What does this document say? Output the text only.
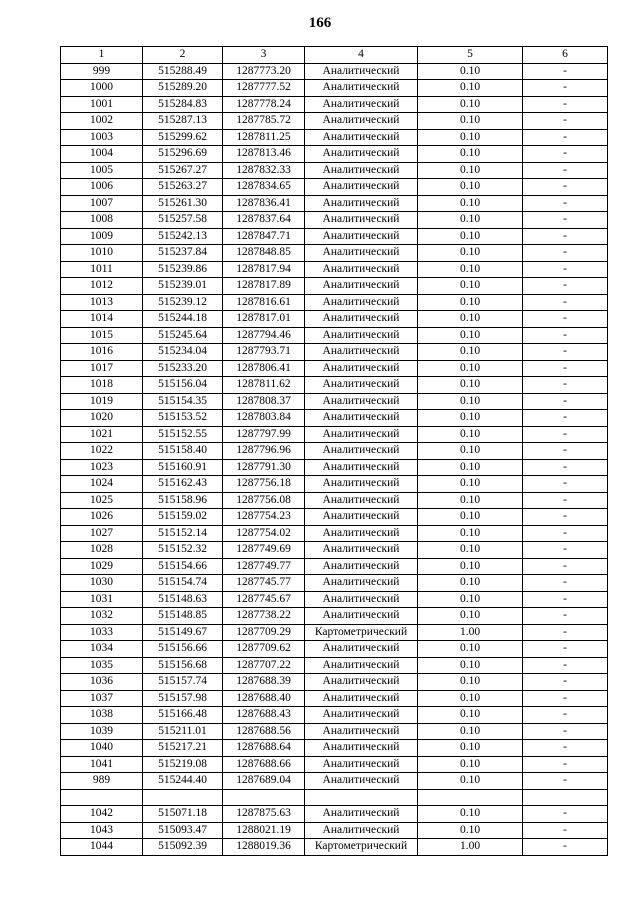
166
1	2	3	4	5	6
999	515288.49	1287773.20	Аналитический	0.10	-
1000	515289.20	1287777.52	Аналитический	0.10	-
1001	515284.83	1287778.24	Аналитический	0.10	-
1002	515287.13	1287785.72	Аналитический	0.10	-
1003	515299.62	1287811.25	Аналитический	0.10	-
1004	515296.69	1287813.46	Аналитический	0.10	-
1005	515267.27	1287832.33	Аналитический	0.10	-
1006	515263.27	1287834.65	Аналитический	0.10	-
1007	515261.30	1287836.41	Аналитический	0.10	-
1008	515257.58	1287837.64	Аналитический	0.10	-
1009	515242.13	1287847.71	Аналитический	0.10	-
1010	515237.84	1287848.85	Аналитический	0.10	-
1011	515239.86	1287817.94	Аналитический	0.10	-
1012	515239.01	1287817.89	Аналитический	0.10	-
1013	515239.12	1287816.61	Аналитический	0.10	-
1014	515244.18	1287817.01	Аналитический	0.10	-
1015	515245.64	1287794.46	Аналитический	0.10	-
1016	515234.04	1287793.71	Аналитический	0.10	-
1017	515233.20	1287806.41	Аналитический	0.10	-
1018	515156.04	1287811.62	Аналитический	0.10	-
1019	515154.35	1287808.37	Аналитический	0.10	-
1020	515153.52	1287803.84	Аналитический	0.10	-
1021	515152.55	1287797.99	Аналитический	0.10	-
1022	515158.40	1287796.96	Аналитический	0.10	-
1023	515160.91	1287791.30	Аналитический	0.10	-
1024	515162.43	1287756.18	Аналитический	0.10	-
1025	515158.96	1287756.08	Аналитический	0.10	-
1026	515159.02	1287754.23	Аналитический	0.10	-
1027	515152.14	1287754.02	Аналитический	0.10	-
1028	515152.32	1287749.69	Аналитический	0.10	-
1029	515154.66	1287749.77	Аналитический	0.10	-
1030	515154.74	1287745.77	Аналитический	0.10	-
1031	515148.63	1287745.67	Аналитический	0.10	-
1032	515148.85	1287738.22	Аналитический	0.10	-
1033	515149.67	1287709.29	Картометрический	1.00	-
1034	515156.66	1287709.62	Аналитический	0.10	-
1035	515156.68	1287707.22	Аналитический	0.10	-
1036	515157.74	1287688.39	Аналитический	0.10	-
1037	515157.98	1287688.40	Аналитический	0.10	-
1038	515166.48	1287688.43	Аналитический	0.10	-
1039	515211.01	1287688.56	Аналитический	0.10	-
1040	515217.21	1287688.64	Аналитический	0.10	-
1041	515219.08	1287688.66	Аналитический	0.10	-
989	515244.40	1287689.04	Аналитический	0.10	-

1042	515071.18	1287875.63	Аналитический	0.10	-
1043	515093.47	1288021.19	Аналитический	0.10	-
1044	515092.39	1288019.36	Картометрический	1.00	-
